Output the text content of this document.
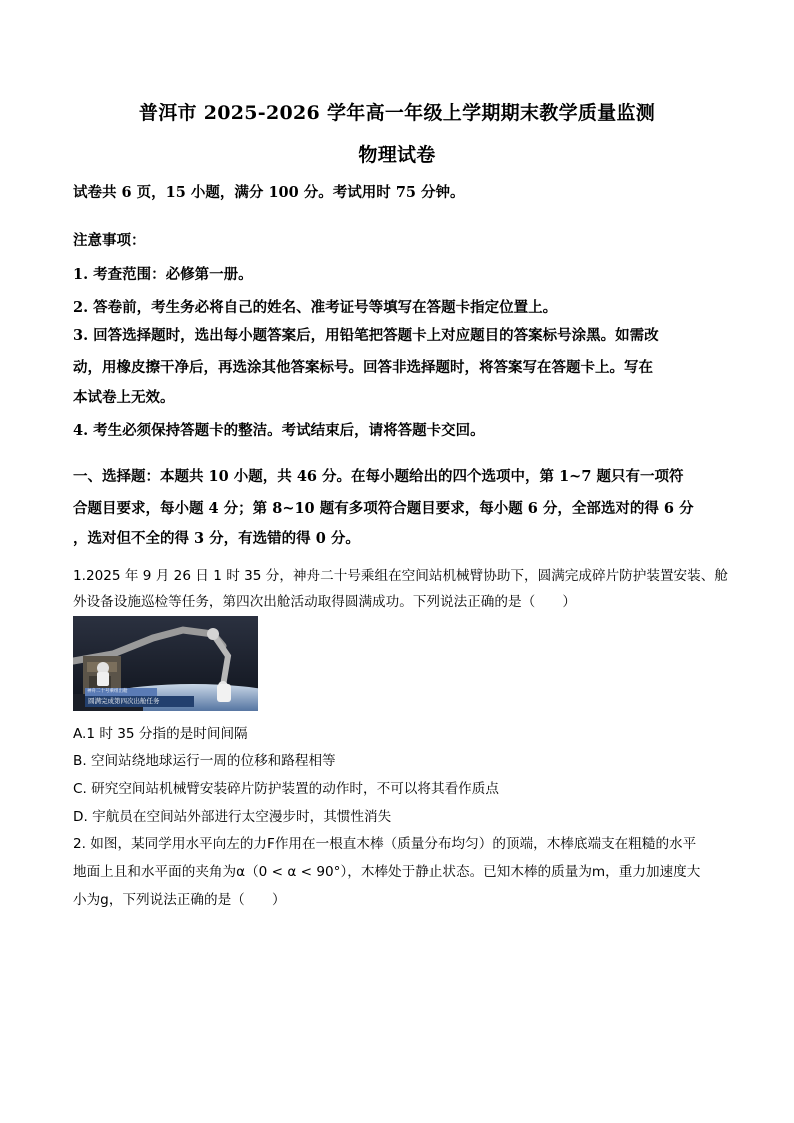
普洱市 2025-2026 学年高一年级上学期期末教学质量监测
物理试卷
试卷共 6 页，15 小题，满分 100 分。考试用时 75 分钟。
注意事项：
1. 考查范围：必修第一册。
2. 答卷前，考生务必将自己的姓名、准考证号等填写在答题卡指定位置上。
3. 回答选择题时，选出每小题答案后，用铅笔把答题卡上对应题目的答案标号涂黑。如需改
动，用橡皮擦干净后，再选涂其他答案标号。回答非选择题时，将答案写在答题卡上。写在
本试卷上无效。
4. 考生必须保持答题卡的整洁。考试结束后，请将答题卡交回。
一、选择题：本题共 10 小题，共 46 分。在每小题给出的四个选项中，第 1~7 题只有一项符
合题目要求，每小题 4 分；第 8~10 题有多项符合题目要求，每小题 6 分，全部选对的得 6 分
，选对但不全的得 3 分，有选错的得 0 分。
1.2025 年 9 月 26 日 1 时 35 分，神舟二十号乘组在空间站机械臂协助下，圆满完成碎片防护装置安装、舱
外设备设施巡检等任务，第四次出舱活动取得圆满成功。下列说法正确的是（　　）
神舟二十号乘组出舱
圆满完成第四次出舱任务
A.1 时 35 分指的是时间间隔
B. 空间站绕地球运行一周的位移和路程相等
C. 研究空间站机械臂安装碎片防护装置的动作时，不可以将其看作质点
D. 宇航员在空间站外部进行太空漫步时，其惯性消失
2. 如图，某同学用水平向左的力F作用在一根直木棒（质量分布均匀）的顶端，木棒底端支在粗糙的水平
地面上且和水平面的夹角为α（0 < α < 90°），木棒处于静止状态。已知木棒的质量为m，重力加速度大
小为g，下列说法正确的是（　　）
